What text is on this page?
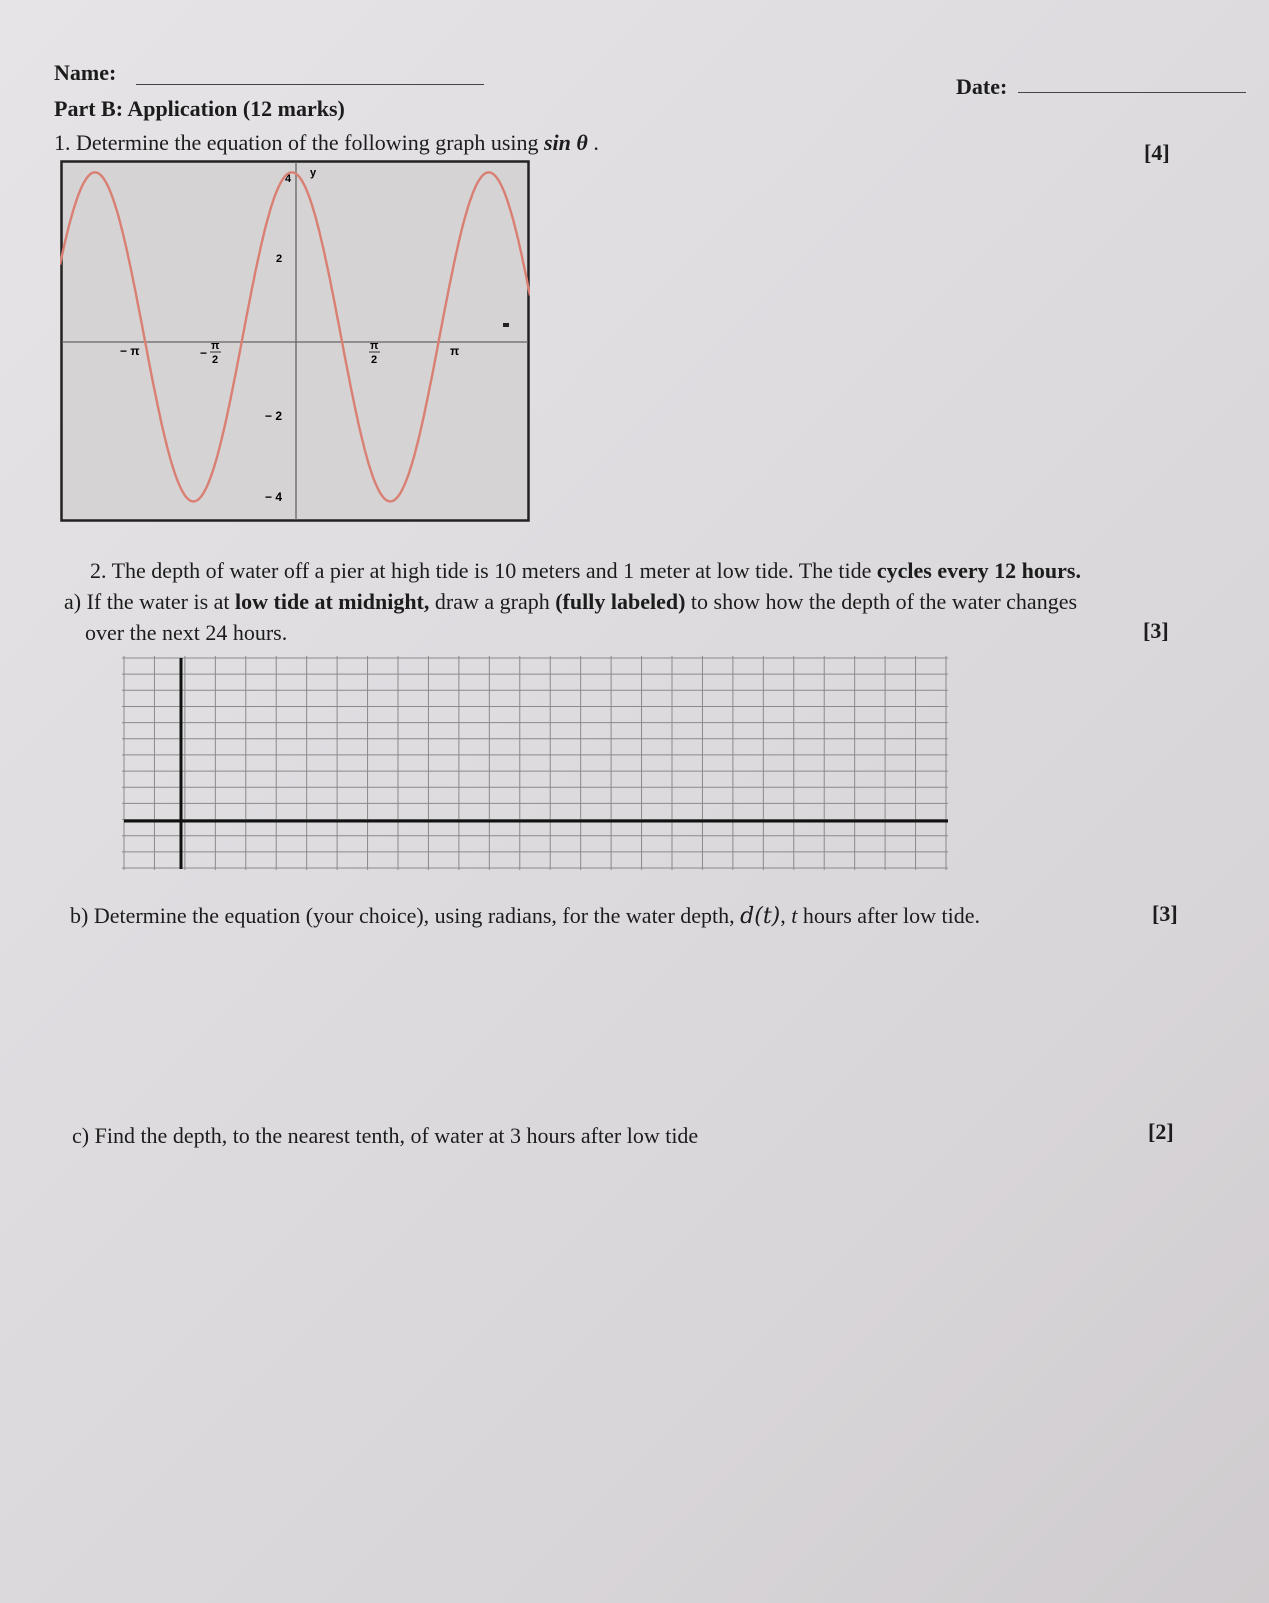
Name:
Date:
Part B: Application (12 marks)
1. Determine the equation of the following graph using sin θ .	[4]
y
4
2
− 2
− 4
− π	− π
2
π
2
π
2. The depth of water off a pier at high tide is 10 meters and 1 meter at low tide. The tide cycles every 12 hours.
a) If the water is at low tide at midnight, draw a graph (fully labeled) to show how the depth of the water changes
over the next 24 hours.	[3]
b) Determine the equation (your choice), using radians, for the water depth, d(t), t hours after low tide.	[3]
c) Find the depth, to the nearest tenth, of water at 3 hours after low tide	[2]
